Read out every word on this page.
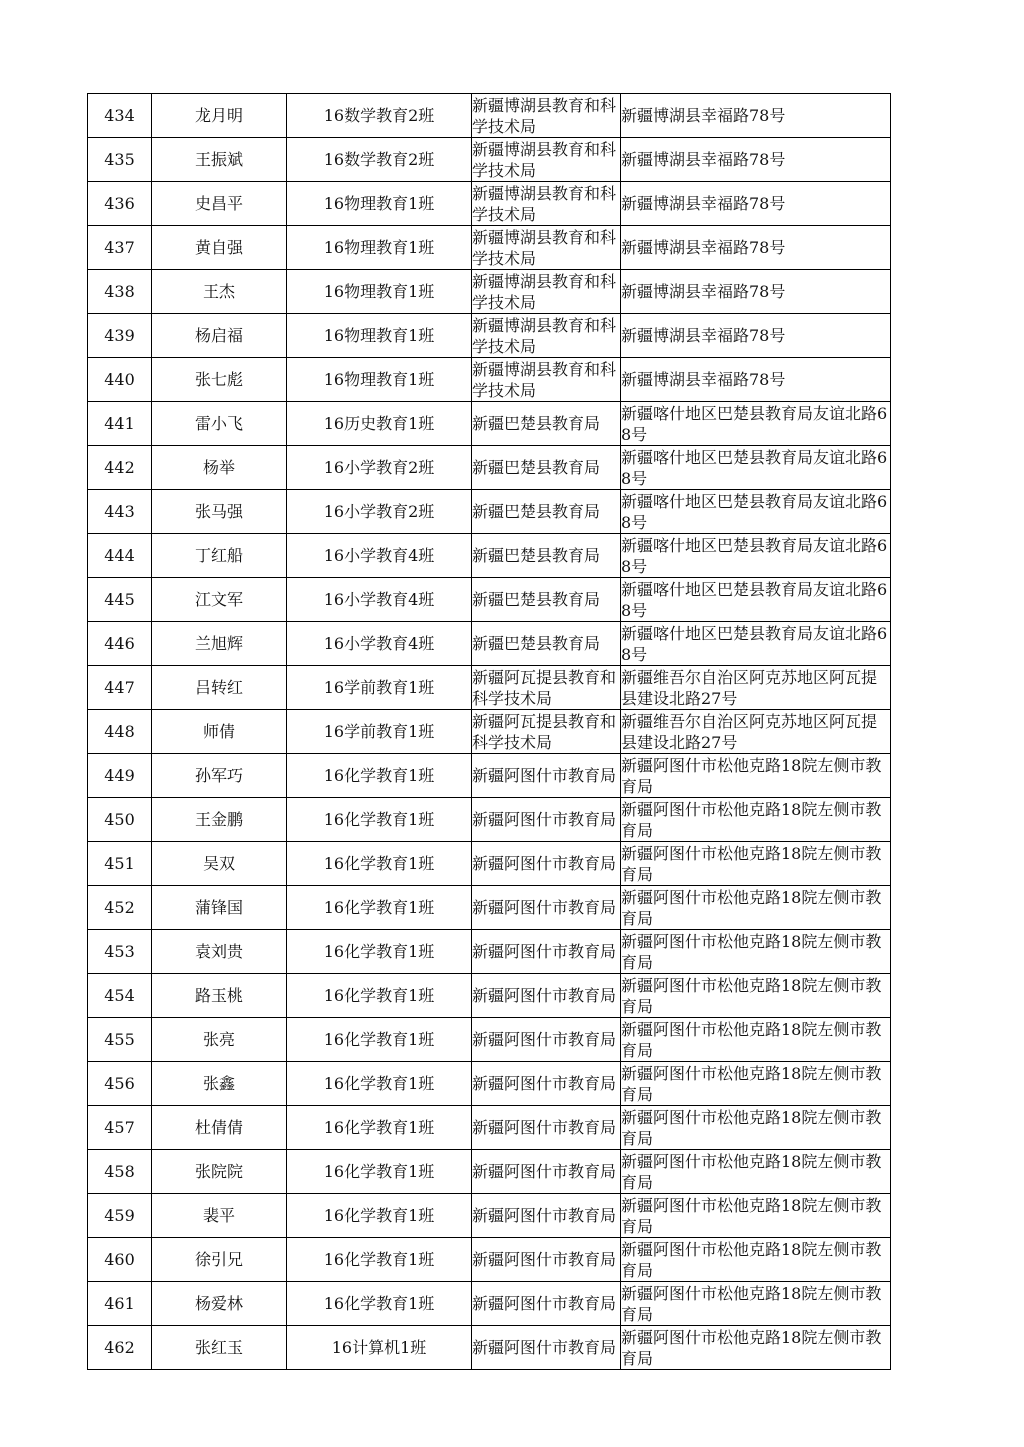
434	龙月明	16数学教育2班	新疆博湖县教育和科学技术局	新疆博湖县幸福路78号
435	王振斌	16数学教育2班	新疆博湖县教育和科学技术局	新疆博湖县幸福路78号
436	史昌平	16物理教育1班	新疆博湖县教育和科学技术局	新疆博湖县幸福路78号
437	黄自强	16物理教育1班	新疆博湖县教育和科学技术局	新疆博湖县幸福路78号
438	王杰	16物理教育1班	新疆博湖县教育和科学技术局	新疆博湖县幸福路78号
439	杨启福	16物理教育1班	新疆博湖县教育和科学技术局	新疆博湖县幸福路78号
440	张七彪	16物理教育1班	新疆博湖县教育和科学技术局	新疆博湖县幸福路78号
441	雷小飞	16历史教育1班	新疆巴楚县教育局	新疆喀什地区巴楚县教育局友谊北路68号
442	杨举	16小学教育2班	新疆巴楚县教育局	新疆喀什地区巴楚县教育局友谊北路68号
443	张马强	16小学教育2班	新疆巴楚县教育局	新疆喀什地区巴楚县教育局友谊北路68号
444	丁红船	16小学教育4班	新疆巴楚县教育局	新疆喀什地区巴楚县教育局友谊北路68号
445	江文军	16小学教育4班	新疆巴楚县教育局	新疆喀什地区巴楚县教育局友谊北路68号
446	兰旭辉	16小学教育4班	新疆巴楚县教育局	新疆喀什地区巴楚县教育局友谊北路68号
447	吕转红	16学前教育1班	新疆阿瓦提县教育和科学技术局	新疆维吾尔自治区阿克苏地区阿瓦提县建设北路27号
448	师倩	16学前教育1班	新疆阿瓦提县教育和科学技术局	新疆维吾尔自治区阿克苏地区阿瓦提县建设北路27号
449	孙军巧	16化学教育1班	新疆阿图什市教育局	新疆阿图什市松他克路18院左侧市教育局
450	王金鹏	16化学教育1班	新疆阿图什市教育局	新疆阿图什市松他克路18院左侧市教育局
451	吴双	16化学教育1班	新疆阿图什市教育局	新疆阿图什市松他克路18院左侧市教育局
452	蒲锋国	16化学教育1班	新疆阿图什市教育局	新疆阿图什市松他克路18院左侧市教育局
453	袁刘贵	16化学教育1班	新疆阿图什市教育局	新疆阿图什市松他克路18院左侧市教育局
454	路玉桃	16化学教育1班	新疆阿图什市教育局	新疆阿图什市松他克路18院左侧市教育局
455	张亮	16化学教育1班	新疆阿图什市教育局	新疆阿图什市松他克路18院左侧市教育局
456	张鑫	16化学教育1班	新疆阿图什市教育局	新疆阿图什市松他克路18院左侧市教育局
457	杜倩倩	16化学教育1班	新疆阿图什市教育局	新疆阿图什市松他克路18院左侧市教育局
458	张院院	16化学教育1班	新疆阿图什市教育局	新疆阿图什市松他克路18院左侧市教育局
459	裴平	16化学教育1班	新疆阿图什市教育局	新疆阿图什市松他克路18院左侧市教育局
460	徐引兄	16化学教育1班	新疆阿图什市教育局	新疆阿图什市松他克路18院左侧市教育局
461	杨爱林	16化学教育1班	新疆阿图什市教育局	新疆阿图什市松他克路18院左侧市教育局
462	张红玉	16计算机1班	新疆阿图什市教育局	新疆阿图什市松他克路18院左侧市教育局
